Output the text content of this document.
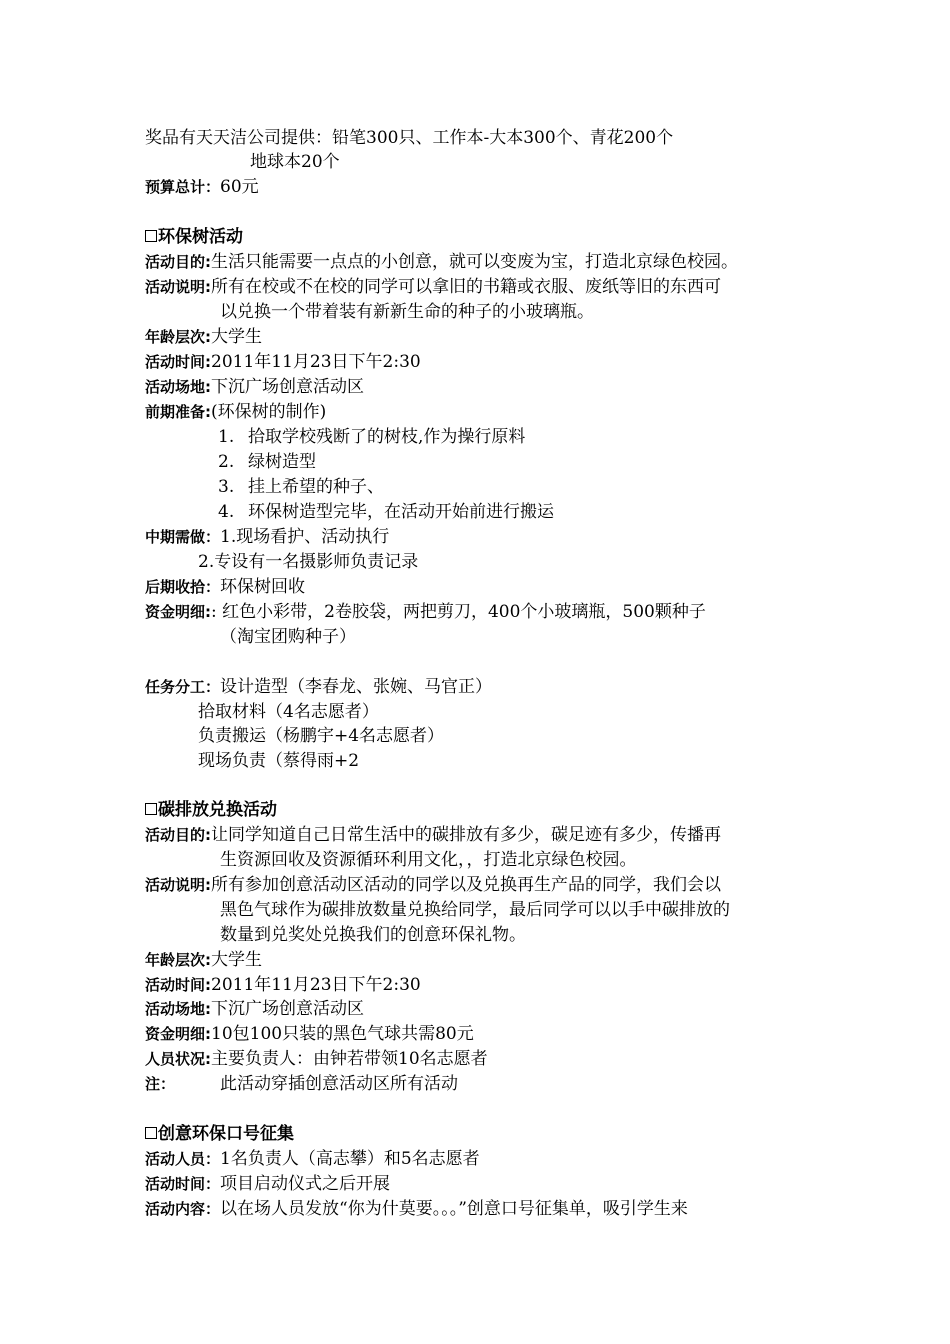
奖品有天天洁公司提供：铅笔300只、工作本-大本300个、青花200个
地球本20个
预算总计：60元
环保树活动
活动目的:生活只能需要一点点的小创意，就可以变废为宝，打造北京绿色校园。
活动说明:所有在校或不在校的同学可以拿旧的书籍或衣服、废纸等旧的东西可
以兑换一个带着装有新新生命的种子的小玻璃瓶。
年龄层次:大学生
活动时间:2011年11月23日下午2:30
活动场地:下沉广场创意活动区
前期准备:(环保树的制作)
1. 拾取学校残断了的树枝,作为操行原料
2. 绿树造型
3. 挂上希望的种子、
4. 环保树造型完毕，在活动开始前进行搬运
中期需做：1.现场看护、活动执行
2.专设有一名摄影师负责记录
后期收拾：环保树回收
资金明细:: 红色小彩带，2卷胶袋，两把剪刀，400个小玻璃瓶，500颗种子
（淘宝团购种子）
任务分工：设计造型（李春龙、张婉、马官正）
拾取材料（4名志愿者）
负责搬运（杨鹏宇+4名志愿者）
现场负责（蔡得雨+2
碳排放兑换活动
活动目的:让同学知道自己日常生活中的碳排放有多少，碳足迹有多少，传播再
生资源回收及资源循环利用文化，，打造北京绿色校园。
活动说明:所有参加创意活动区活动的同学以及兑换再生产品的同学，我们会以
黑色气球作为碳排放数量兑换给同学，最后同学可以以手中碳排放的
数量到兑奖处兑换我们的创意环保礼物。
年龄层次:大学生
活动时间:2011年11月23日下午2:30
活动场地:下沉广场创意活动区
资金明细:10包100只装的黑色气球共需80元
人员状况:主要负责人：由钟若带领10名志愿者
注：	此活动穿插创意活动区所有活动
创意环保口号征集
活动人员：1名负责人（高志攀）和5名志愿者
活动时间：项目启动仪式之后开展
活动内容：以在场人员发放“你为什莫要。。。”创意口号征集单，吸引学生来
